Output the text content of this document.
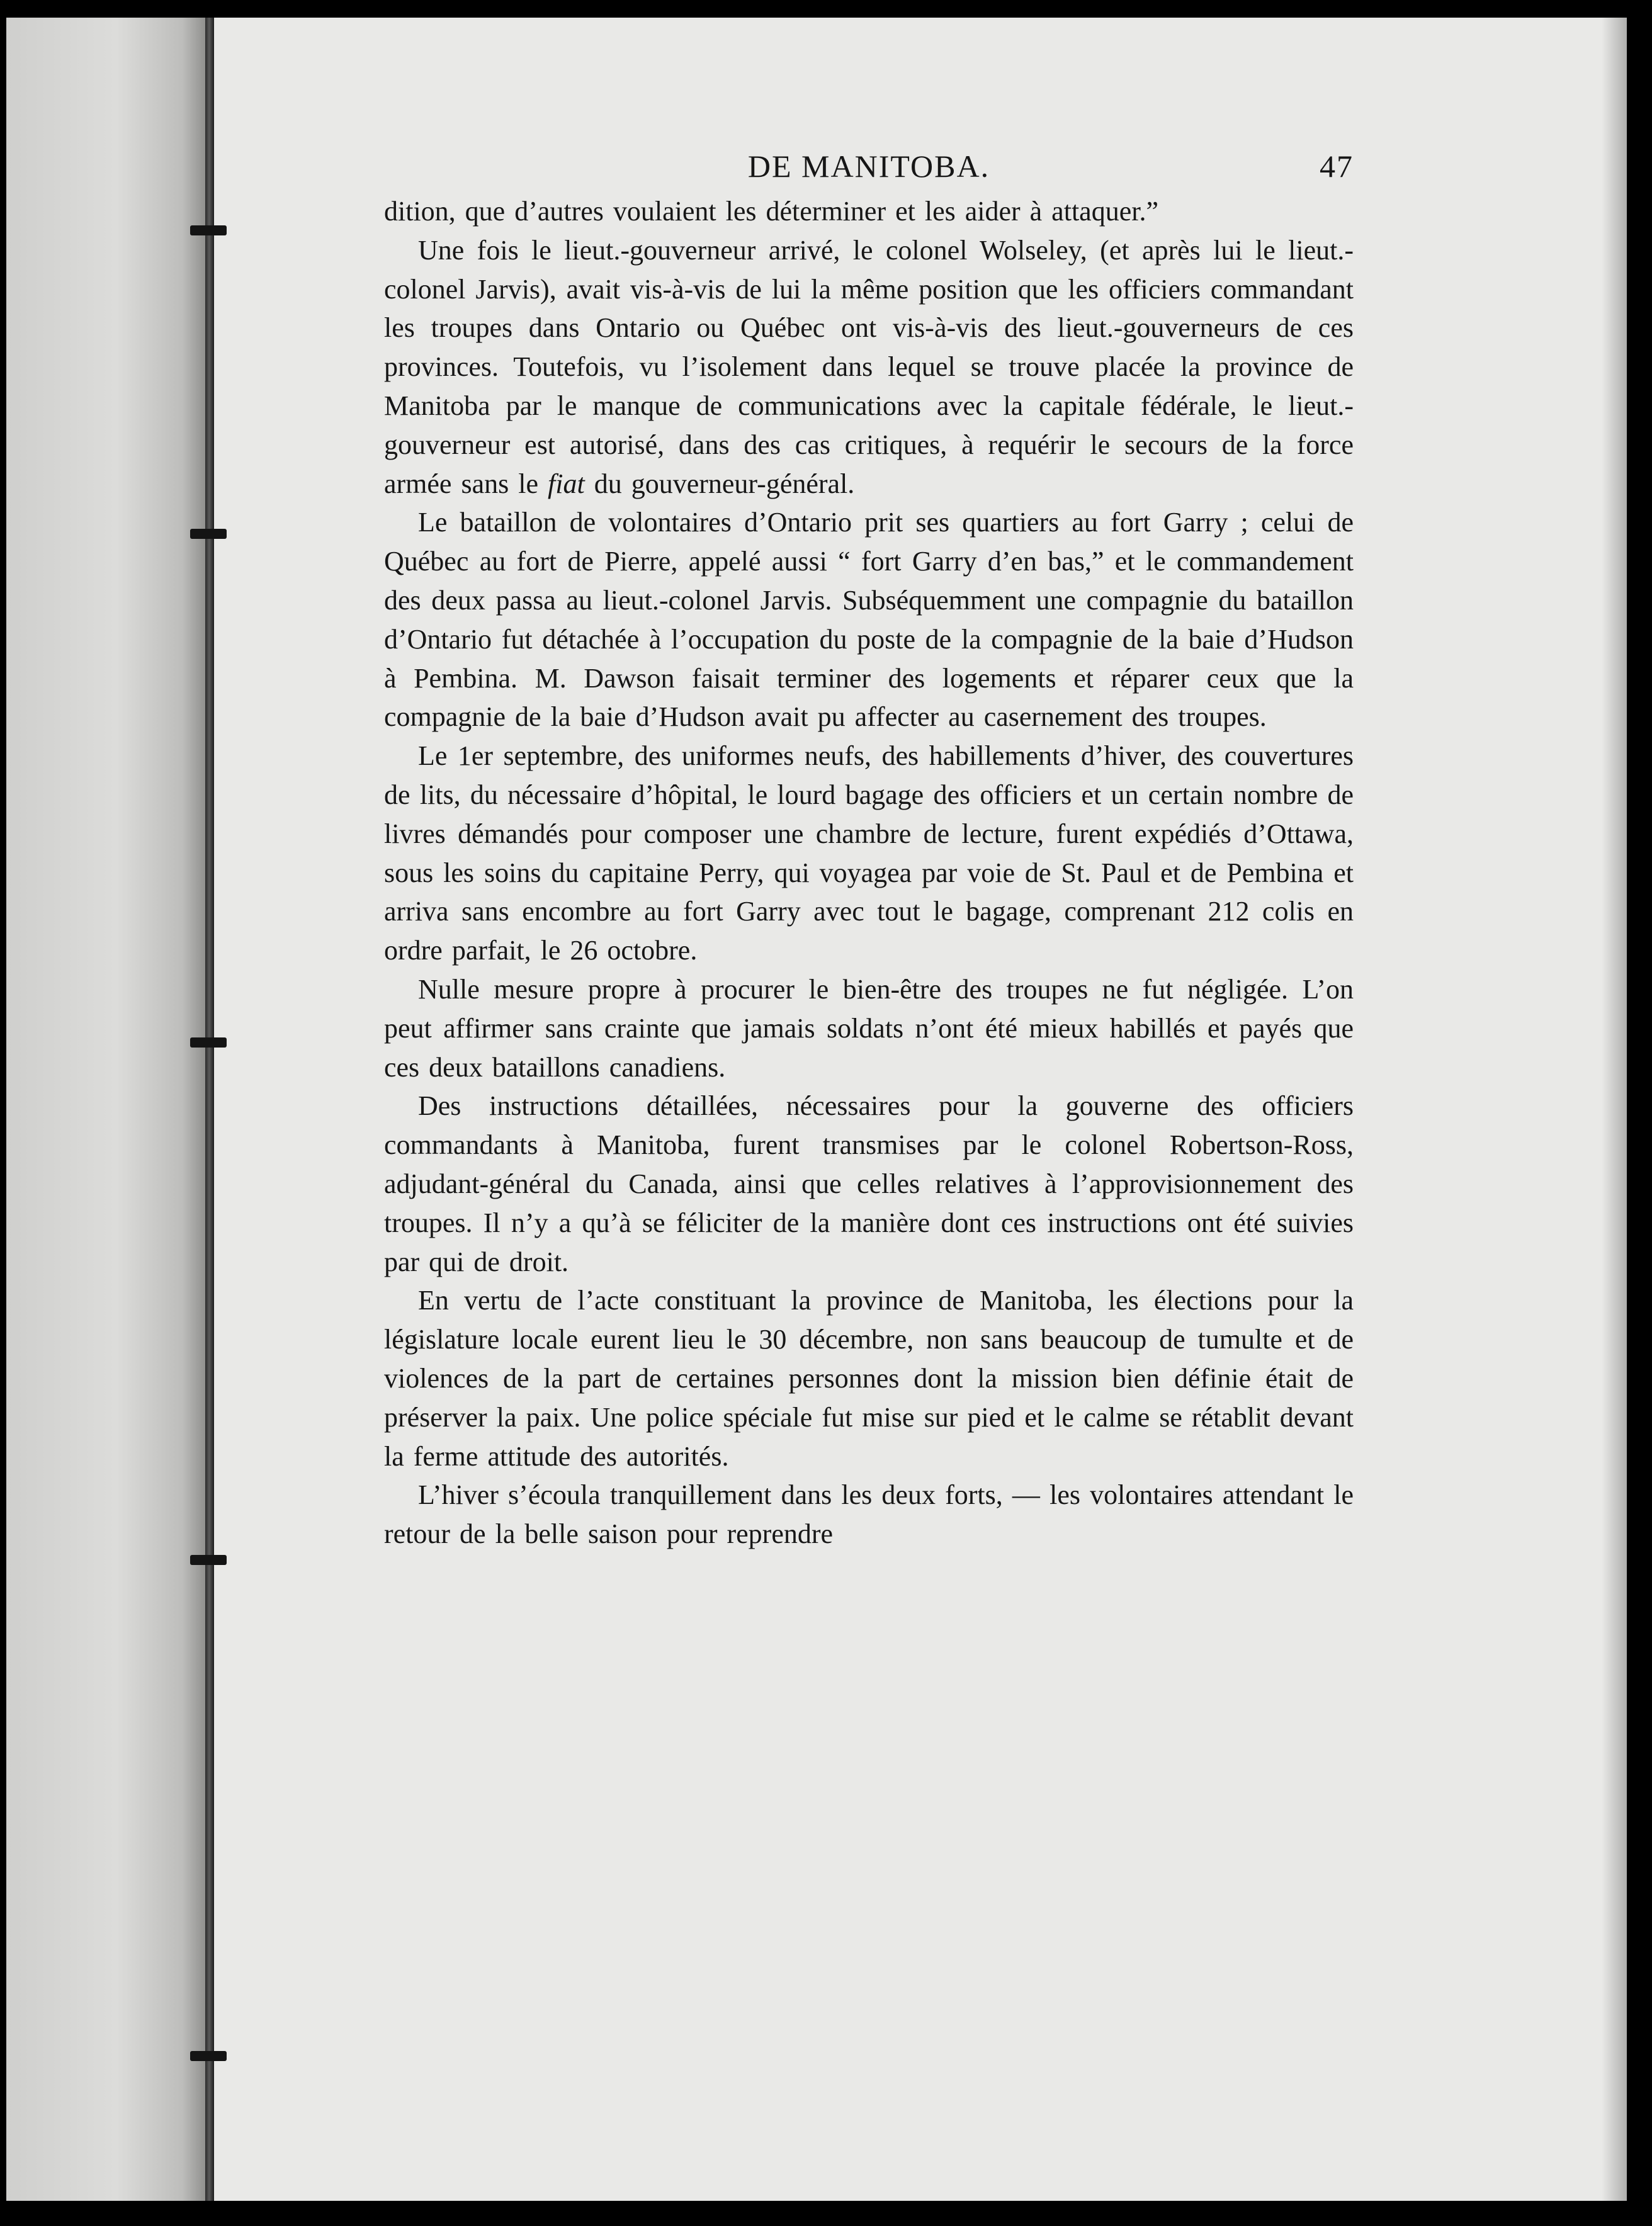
DE MANITOBA.	47

dition, que d’autres voulaient les déterminer et les aider à attaquer.”

Une fois le lieut.-gouverneur arrivé, le colonel Wolseley, (et après lui le lieut.-colonel Jarvis), avait vis-à-vis de lui la même position que les officiers commandant les troupes dans Ontario ou Québec ont vis-à-vis des lieut.-gouverneurs de ces provinces. Toutefois, vu l’isolement dans lequel se trouve placée la province de Manitoba par le manque de communications avec la capitale fédérale, le lieut.-gouverneur est autorisé, dans des cas critiques, à requérir le secours de la force armée sans le fiat du gouverneur-général.

Le bataillon de volontaires d’Ontario prit ses quartiers au fort Garry ; celui de Québec au fort de Pierre, appelé aussi “ fort Garry d’en bas,” et le commandement des deux passa au lieut.-colonel Jarvis. Subséquemment une compagnie du bataillon d’Ontario fut détachée à l’occupation du poste de la compagnie de la baie d’Hudson à Pembina. M. Dawson faisait terminer des logements et réparer ceux que la compagnie de la baie d’Hudson avait pu affecter au casernement des troupes.

Le 1er septembre, des uniformes neufs, des habillements d’hiver, des couvertures de lits, du nécessaire d’hôpital, le lourd bagage des officiers et un certain nombre de livres démandés pour composer une chambre de lecture, furent expédiés d’Ottawa, sous les soins du capitaine Perry, qui voyagea par voie de St. Paul et de Pembina et arriva sans encombre au fort Garry avec tout le bagage, comprenant 212 colis en ordre parfait, le 26 octobre.

Nulle mesure propre à procurer le bien-être des troupes ne fut négligée. L’on peut affirmer sans crainte que jamais soldats n’ont été mieux habillés et payés que ces deux bataillons canadiens.

Des instructions détaillées, nécessaires pour la gouverne des officiers commandants à Manitoba, furent transmises par le colonel Robertson-Ross, adjudant-général du Canada, ainsi que celles relatives à l’approvisionnement des troupes. Il n’y a qu’à se féliciter de la manière dont ces instructions ont été suivies par qui de droit.

En vertu de l’acte constituant la province de Manitoba, les élections pour la législature locale eurent lieu le 30 décembre, non sans beaucoup de tumulte et de violences de la part de certaines personnes dont la mission bien définie était de préserver la paix. Une police spéciale fut mise sur pied et le calme se rétablit devant la ferme attitude des autorités.

L’hiver s’écoula tranquillement dans les deux forts, — les volontaires attendant le retour de la belle saison pour reprendre
